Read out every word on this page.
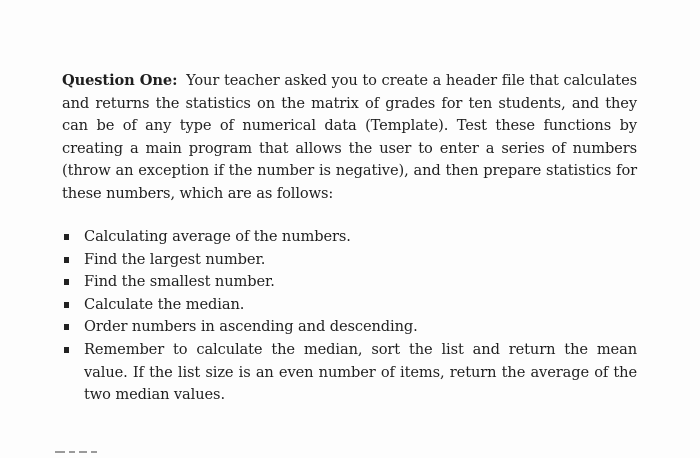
Question One: Your teacher asked you to create a header file that calculates and returns the statistics on the matrix of grades for ten students, and they can be of any type of numerical data (Template). Test these functions by creating a main program that allows the user to enter a series of numbers (throw an exception if the number is negative), and then prepare statistics for these numbers, which are as follows:
Calculating average of the numbers.
Find the largest number.
Find the smallest number.
Calculate the median.
Order numbers in ascending and descending.
Remember to calculate the median, sort the list and return the mean value. If the list size is an even number of items, return the average of the two median values.
